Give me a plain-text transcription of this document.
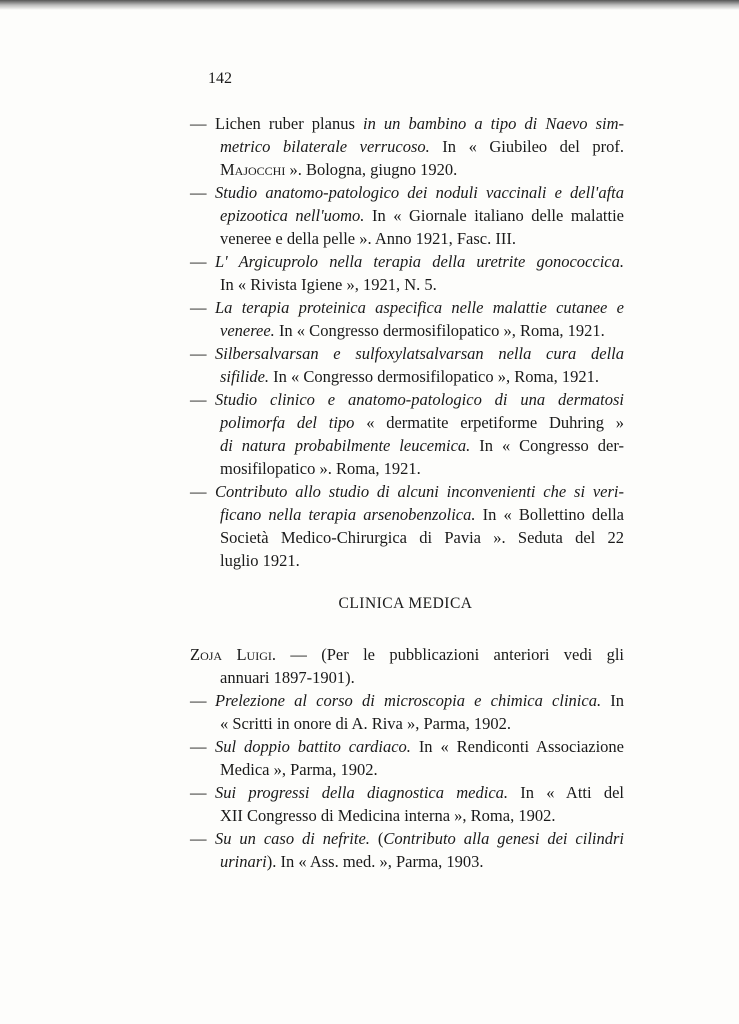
142
CLINICA MEDICA
— Lichen ruber planus in un bambino a tipo di Naevo sim-
metrico bilaterale verrucoso. In « Giubileo del prof.
Majocchi ». Bologna, giugno 1920.
— Studio anatomo-patologico dei noduli vaccinali e dell'afta
epizootica nell'uomo. In « Giornale italiano delle malattie
veneree e della pelle ». Anno 1921, Fasc. III.
— L' Argicuprolo nella terapia della uretrite gonococcica.
In « Rivista Igiene », 1921, N. 5.
— La terapia proteinica aspecifica nelle malattie cutanee e
veneree. In « Congresso dermosifilopatico », Roma, 1921.
— Silbersalvarsan e sulfoxylatsalvarsan nella cura della
sifilide. In « Congresso dermosifilopatico », Roma, 1921.
— Studio clinico e anatomo-patologico di una dermatosi
polimorfa del tipo « dermatite erpetiforme Duhring »
di natura probabilmente leucemica. In « Congresso der-
mosifilopatico ». Roma, 1921.
— Contributo allo studio di alcuni inconvenienti che si veri-
ficano nella terapia arsenobenzolica. In « Bollettino della
Società Medico-Chirurgica di Pavia ». Seduta del 22
luglio 1921.
Zoja Luigi. — (Per le pubblicazioni anteriori vedi gli
annuari 1897-1901).
— Prelezione al corso di microscopia e chimica clinica. In
« Scritti in onore di A. Riva », Parma, 1902.
— Sul doppio battito cardiaco. In « Rendiconti Associazione
Medica », Parma, 1902.
— Sui progressi della diagnostica medica. In « Atti del
XII Congresso di Medicina interna », Roma, 1902.
— Su un caso di nefrite. (Contributo alla genesi dei cilindri
urinari). In « Ass. med. », Parma, 1903.
